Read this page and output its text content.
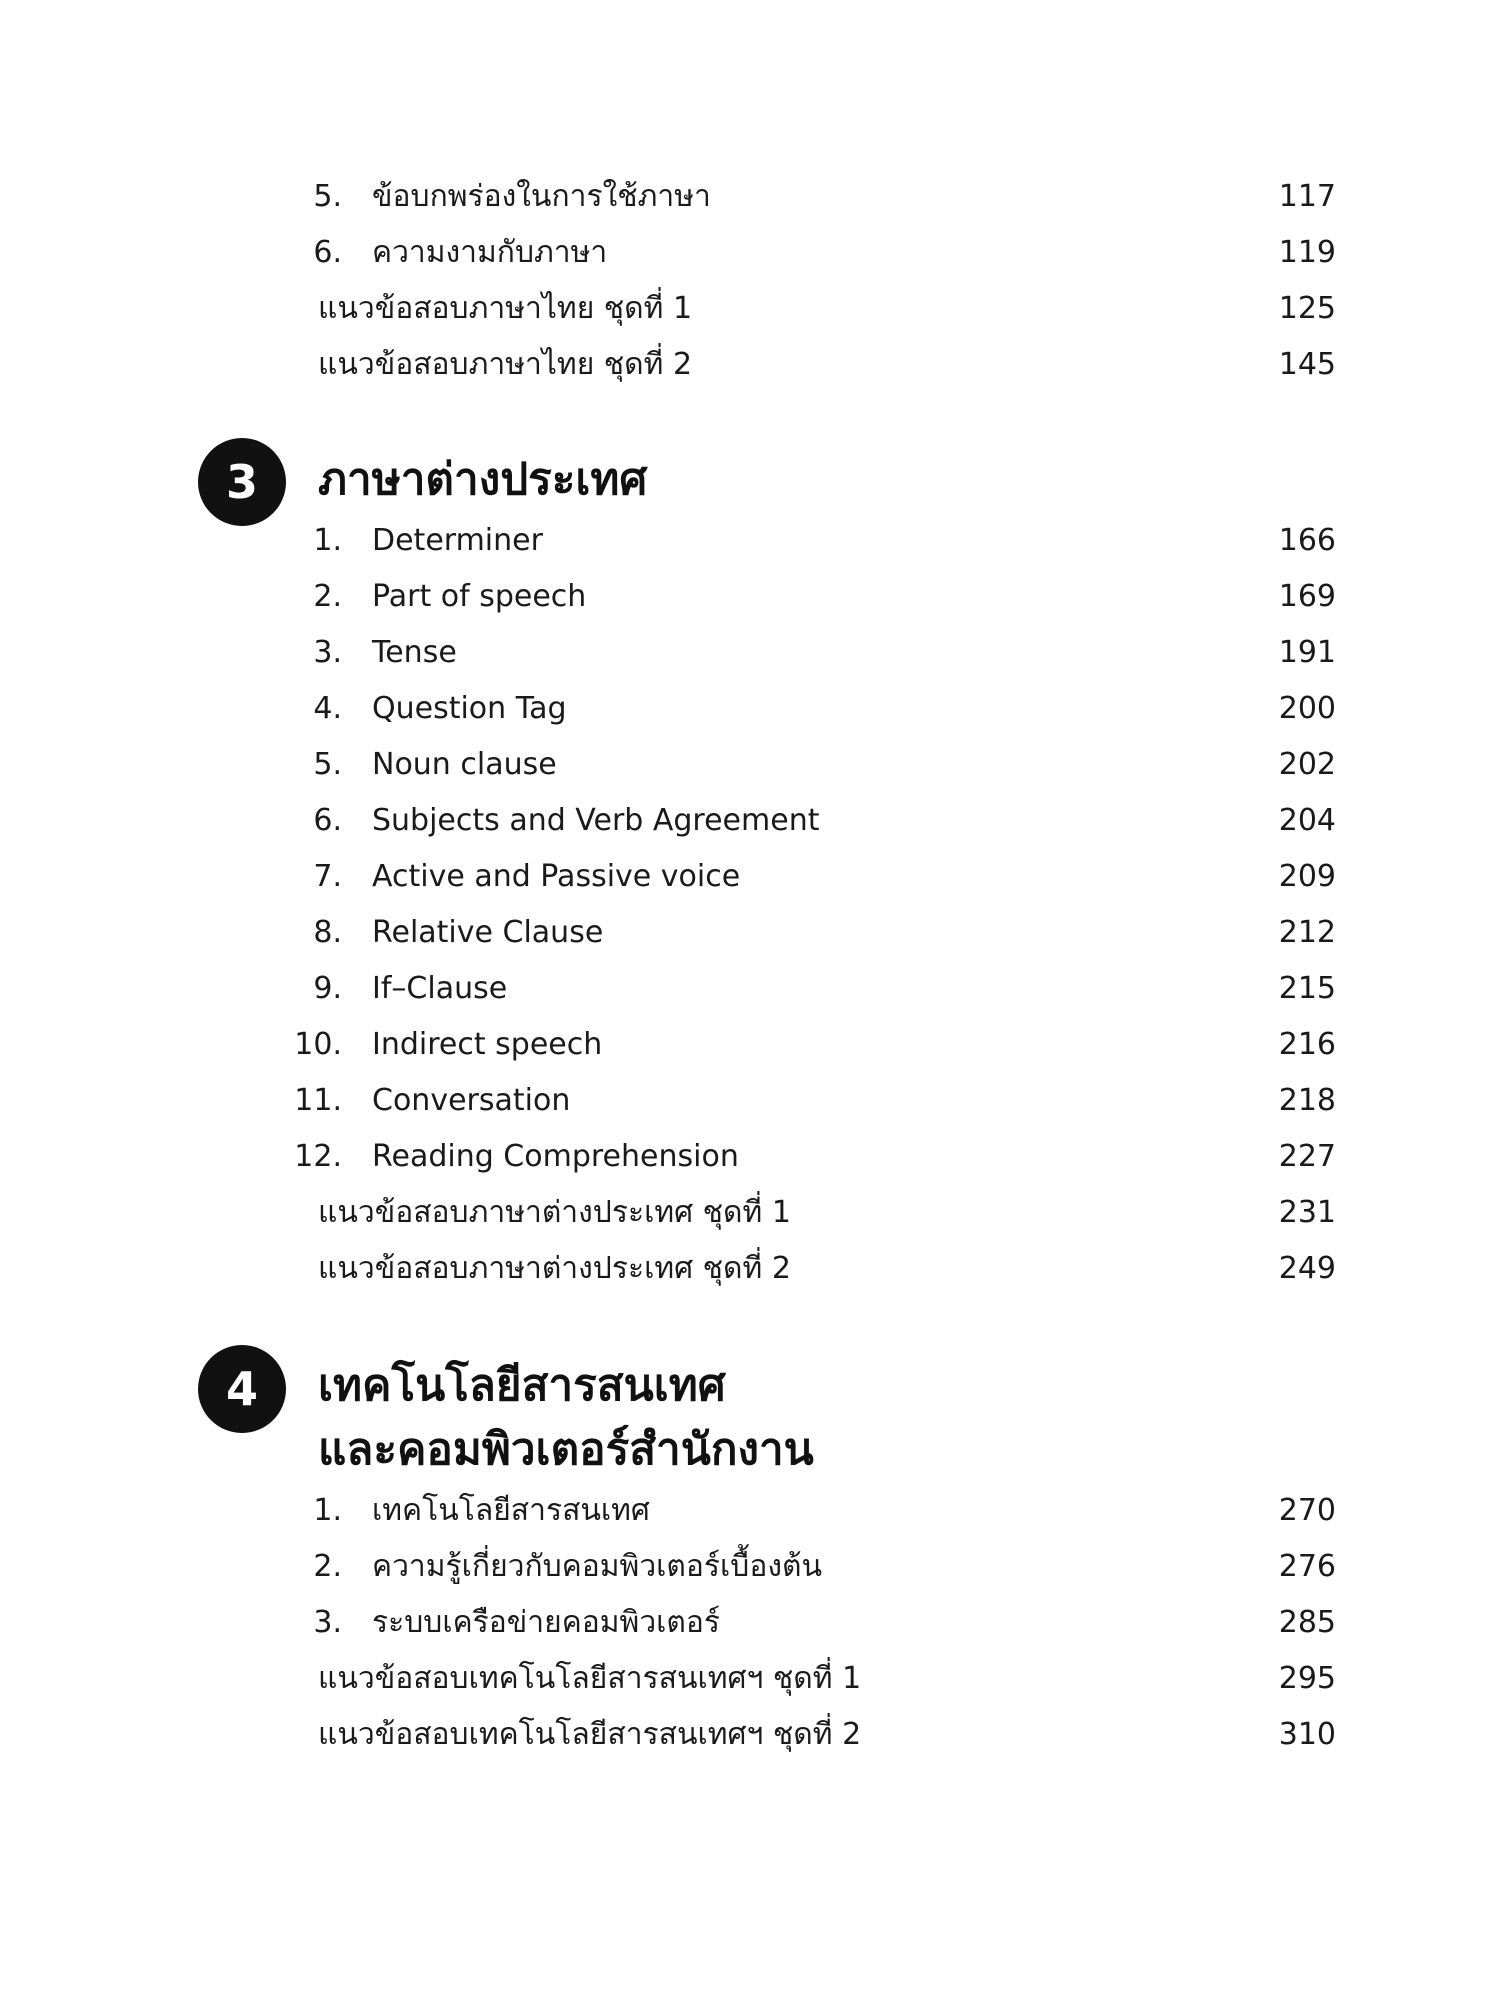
5. ข้อบกพร่องในการใช้ภาษา	117
6. ความงามกับภาษา	119
แนวข้อสอบภาษาไทย ชุดที่ 1	125
แนวข้อสอบภาษาไทย ชุดที่ 2	145
3	ภาษาต่างประเทศ
1. Determiner	166
2. Part of speech	169
3. Tense	191
4. Question Tag	200
5. Noun clause	202
6. Subjects and Verb Agreement	204
7. Active and Passive voice	209
8. Relative Clause	212
9. If–Clause	215
10. Indirect speech	216
11. Conversation	218
12. Reading Comprehension	227
แนวข้อสอบภาษาต่างประเทศ ชุดที่ 1	231
แนวข้อสอบภาษาต่างประเทศ ชุดที่ 2	249
4	เทคโนโลยีสารสนเทศ
และคอมพิวเตอร์สำนักงาน
1. เทคโนโลยีสารสนเทศ	270
2. ความรู้เกี่ยวกับคอมพิวเตอร์เบื้องต้น	276
3. ระบบเครือข่ายคอมพิวเตอร์	285
แนวข้อสอบเทคโนโลยีสารสนเทศฯ ชุดที่ 1	295
แนวข้อสอบเทคโนโลยีสารสนเทศฯ ชุดที่ 2	310
